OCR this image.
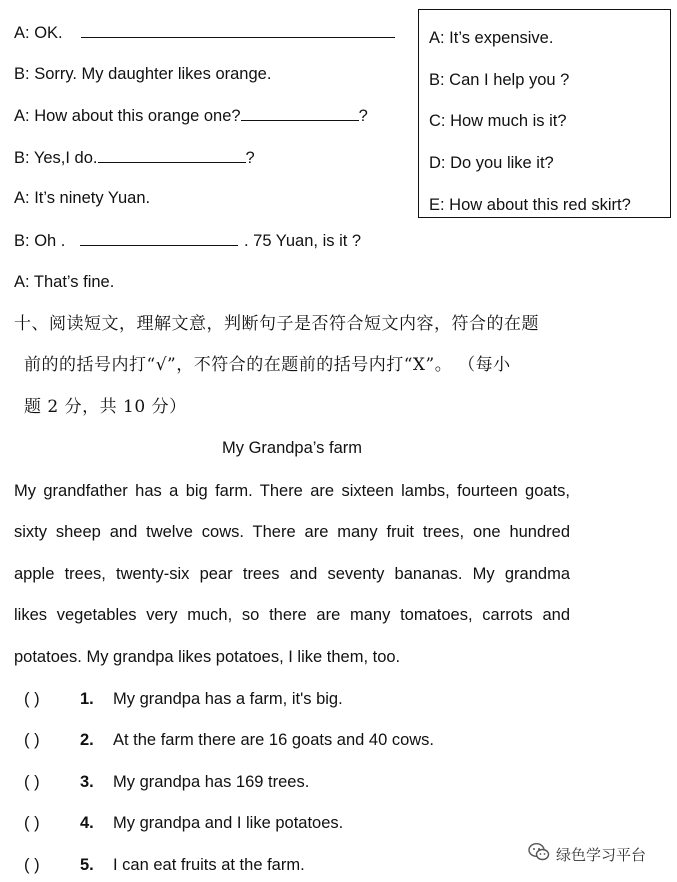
A: OK.
B: Sorry. My daughter likes orange.
A: How about this orange one?	?
B: Yes,I do.	?
A: It’s ninety Yuan.
B: Oh .	. 75 Yuan, is it ?
A: That’s fine.
A: It’s expensive.
B: Can I help you ?
C: How much is it?
D: Do you like it?
E: How about this red skirt?
十、阅读短文，理解文意，判断句子是否符合短文内容，符合的在题
前的的括号内打“√”，不符合的在题前的括号内打“X”。 （每小
题 2 分，共 10 分）
My Grandpa’s farm
My grandfather has a big farm. There are sixteen lambs, fourteen goats,
sixty sheep and twelve cows. There are many fruit trees, one hundred
apple trees, twenty-six pear trees and seventy bananas. My grandma
likes vegetables very much, so there are many tomatoes, carrots and
potatoes. My grandpa likes potatoes, I like them, too.
( ) 1. My grandpa has a farm, it's big.
( ) 2. At the farm there are 16 goats and 40 cows.
( ) 3. My grandpa has 169 trees.
( ) 4. My grandpa and I like potatoes.
( ) 5. I can eat fruits at the farm.
绿色学习平台
